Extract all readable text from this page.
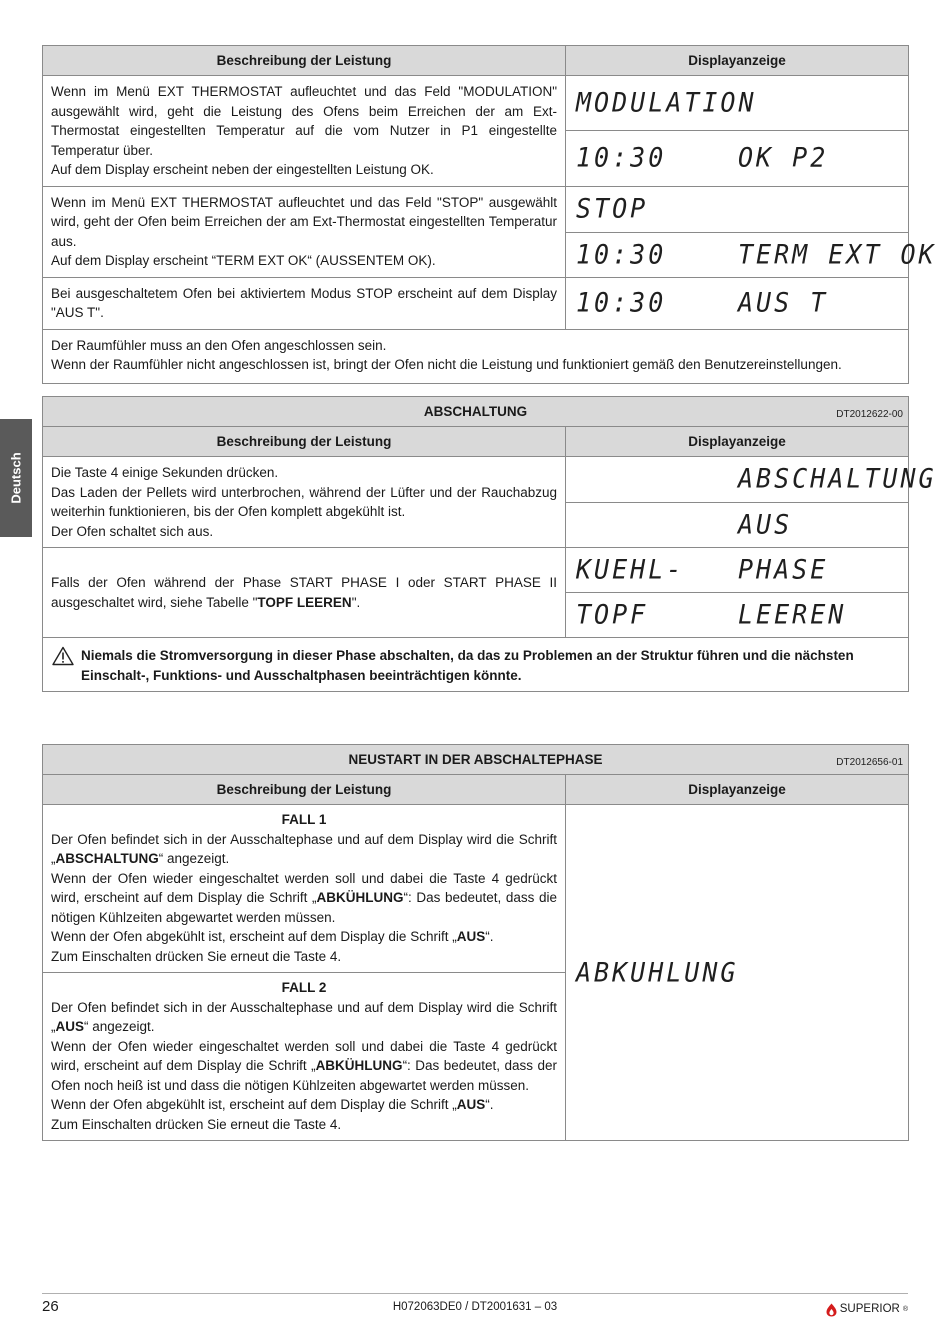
Deutsch
Beschreibung der Leistung	Displayanzeige
Wenn im Menü EXT THERMOSTAT aufleuchtet und das Feld "MODULATION" ausgewählt wird, geht die Leistung des Ofens beim Erreichen der am Ext-Thermostat eingestellten Temperatur auf die vom Nutzer in P1 eingestellte Temperatur über.
Auf dem Display erscheint neben der eingestellten Leistung OK.	MODULATION

	10:30 OK P2

Wenn im Menü EXT THERMOSTAT aufleuchtet und das Feld "STOP" ausgewählt wird, geht der Ofen beim Erreichen der am Ext-Thermostat eingestellten Temperatur aus.
Auf dem Display erscheint “TERM EXT OK“ (AUSSENTEM OK).	STOP

	10:30 TERM EXT OK

Bei ausgeschaltetem Ofen bei aktiviertem Modus STOP erscheint auf dem Display "AUS T".	10:30 AUS T

Der Raumfühler muss an den Ofen angeschlossen sein.
Wenn der Raumfühler nicht angeschlossen ist, bringt der Ofen nicht die Leistung und funktioniert gemäß den Benutzereinstellungen.	
ABSCHALTUNG DT2012622-00	

Beschreibung der Leistung	Displayanzeige
Die Taste 4 einige Sekunden drücken.
Das Laden der Pellets wird unterbrochen, während der Lüfter und der Rauchabzug weiterhin funktionieren, bis der Ofen komplett abgekühlt ist.
Der Ofen schaltet sich aus.	ABSCHALTUNG

	AUS

Falls der Ofen während der Phase START PHASE I oder START PHASE II ausgeschaltet wird, siehe Tabelle "TOPF LEEREN".	KUEHL- PHASE

	TOPF LEEREN

Niemals die Stromversorgung in dieser Phase abschalten, da das zu Problemen an der Struktur führen und die nächsten Einschalt-, Funktions- und Ausschaltphasen beeinträchtigen könnte.	
NEUSTART IN DER ABSCHALTEPHASE DT2012656-01	

Beschreibung der Leistung	Displayanzeige

FALL 1
Der Ofen befindet sich in der Ausschaltephase und auf dem Display wird die Schrift „ABSCHALTUNG“ angezeigt.
Wenn der Ofen wieder eingeschaltet werden soll und dabei die Taste 4 gedrückt wird, erscheint auf dem Display die Schrift „ABKÜHLUNG“: Das bedeutet, dass die nötigen Kühlzeiten abgewartet werden müssen.
Wenn der Ofen abgekühlt ist, erscheint auf dem Display die Schrift „AUS“.
Zum Einschalten drücken Sie erneut die Taste 4.	ABKUHLUNG

FALL 2
Der Ofen befindet sich in der Ausschaltephase und auf dem Display wird die Schrift „AUS“ angezeigt.
Wenn der Ofen wieder eingeschaltet werden soll und dabei die Taste 4 gedrückt wird, erscheint auf dem Display die Schrift „ABKÜHLUNG“: Das bedeutet, dass der Ofen noch heiß ist und dass die nötigen Kühlzeiten abgewartet werden müssen.
Wenn der Ofen abgekühlt ist, erscheint auf dem Display die Schrift „AUS“.
Zum Einschalten drücken Sie erneut die Taste 4.	
26	H072063DE0 / DT2001631 – 03	SUPERIOR ®
